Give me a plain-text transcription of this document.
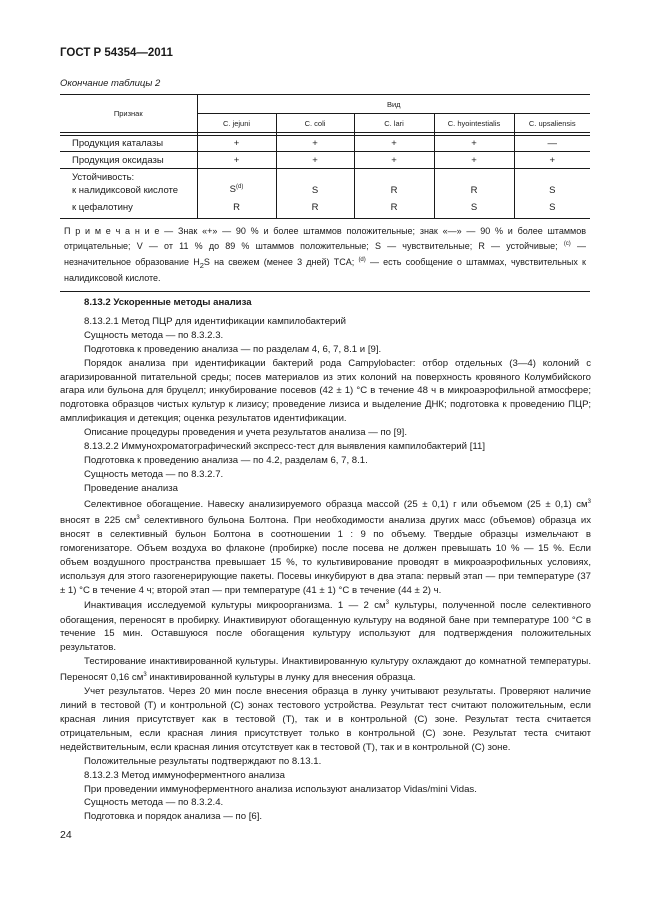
ГОСТ Р 54354—2011
Окончание таблицы 2
Признак	Вид				
	C. jejuni	C. coli	C. lari	C. hyointestialis	C. upsaliensis

Продукция каталазы	+	+	+	+	—
Продукция оксидазы	+	+	+	+	+
Устойчивость:					
к налидиксовой кислоте	$S^{(d)}$	S	R	R	S
к цефалотину	R	R	R	S	S
П р и м е ч а н и е — Знак «+» — 90 % и более штаммов положительные; знак «—» — 90 % и более штаммов отрицательные; V — от 11 % до 89 % штаммов положительные; S — чувствительные; R — устойчивые; $^{(c)}$ — незначительное образование $H_2S$ на свежем (менее 3 дней) TCA; $^{(d)}$ — есть сообщение о штаммах, чувствительных к налидиксовой кислоте.					

8.13.2 Ускоренные методы анализа

8.13.2.1 Метод ПЦР для идентификации кампилобактерий

Сущность метода — по 8.3.2.3.

Подготовка к проведению анализа — по разделам 4, 6, 7, 8.1 и [9].

Порядок анализа при идентификации бактерий рода Campylobacter: отбор отдельных (3—4) колоний с агаризированной питательной среды; посев материалов из этих колоний на поверхность кровяного Колумбийского агара или бульона для бруцелл; инкубирование посевов (42 ± 1) °С в течение 48 ч в микроаэрофильной атмосфере; подготовка образцов чистых культур к лизису; проведение лизиса и выделение ДНК; подготовка к проведению ПЦР; амплификация и детекция; оценка результатов идентификации.

Описание процедуры проведения и учета результатов анализа — по [9].

8.13.2.2 Иммунохроматографический экспресс-тест для выявления кампилобактерий [11]

Подготовка к проведению анализа — по 4.2, разделам 6, 7, 8.1.

Сущность метода — по 8.3.2.7.

Проведение анализа

Селективное обогащение. Навеску анализируемого образца массой (25 ± 0,1) г или объемом (25 ± 0,1) $см^3$ вносят в 225 $см^3$ селективного бульона Болтона. При необходимости анализа других масс (объемов) образца их вносят в селективный бульон Болтона в соотношении 1 : 9 по объему. Твердые образцы измельчают в гомогенизаторе. Объем воздуха во флаконе (пробирке) после посева не должен превышать 10 % — 15 %. Если объем воздушного пространства превышает 15 %, то культивирование проводят в микроаэрофильных условиях, используя для этого газогенерирующие пакеты. Посевы инкубируют в два этапа: первый этап — при температуре (37 ± 1) °С в течение 4 ч; второй этап — при температуре (41 ± 1) °С в течение (44 ± 2) ч.

Инактивация исследуемой культуры микроорганизма. 1 — 2 $см^3$ культуры, полученной после селективного обогащения, переносят в пробирку. Инактивируют обогащенную культуру на водяной бане при температуре 100 °С в течение 15 мин. Оставшуюся после обогащения культуру используют для подтверждения положительных результатов.

Тестирование инактивированной культуры. Инактивированную культуру охлаждают до комнатной температуры. Переносят 0,16 $см^3$ инактивированной культуры в лунку для внесения образца.

Учет результатов. Через 20 мин после внесения образца в лунку учитывают результаты. Проверяют наличие линий в тестовой (Т) и контрольной (С) зонах тестового устройства. Результат тест считают положительным, если красная линия присутствует как в тестовой (Т), так и в контрольной (С) зоне. Результат теста считается отрицательным, если красная линия присутствует только в контрольной (С) зоне. Результат теста считают недействительным, если красная линия отсутствует как в тестовой (Т), так и в контрольной (С) зоне.

Положительные результаты подтверждают по 8.13.1.

8.13.2.3 Метод иммуноферментного анализа

При проведении иммуноферментного анализа используют анализатор Vidas/mini Vidas.

Сущность метода — по 8.3.2.4.

Подготовка и порядок анализа — по [6].

24
